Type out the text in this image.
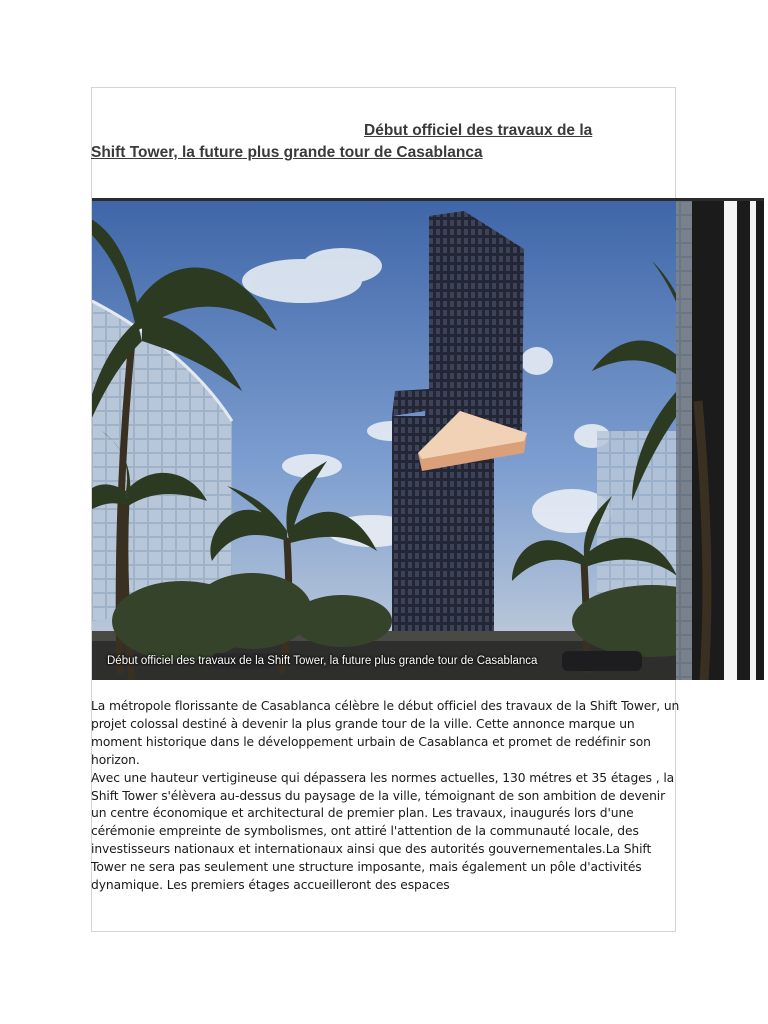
Début officiel des travaux de la
Shift Tower, la future plus grande tour de Casablanca
Début officiel des travaux de la Shift Tower, la future plus grande tour de Casablanca

La métropole florissante de Casablanca célèbre le début officiel des travaux de la Shift Tower, un projet colossal destiné à devenir la plus grande tour de la ville. Cette annonce marque un moment historique dans le développement urbain de Casablanca et promet de redéfinir son horizon.

Avec une hauteur vertigineuse qui dépassera les normes actuelles, 130 métres et 35 étages , la Shift Tower s'élèvera au-dessus du paysage de la ville, témoignant de son ambition de devenir un centre économique et architectural de premier plan. Les travaux, inaugurés lors d'une cérémonie empreinte de symbolismes, ont attiré l'attention de la communauté locale, des investisseurs nationaux et internationaux ainsi que des autorités gouvernementales.La Shift Tower ne sera pas seulement une structure imposante, mais également un pôle d'activités dynamique. Les premiers étages accueilleront des espaces
